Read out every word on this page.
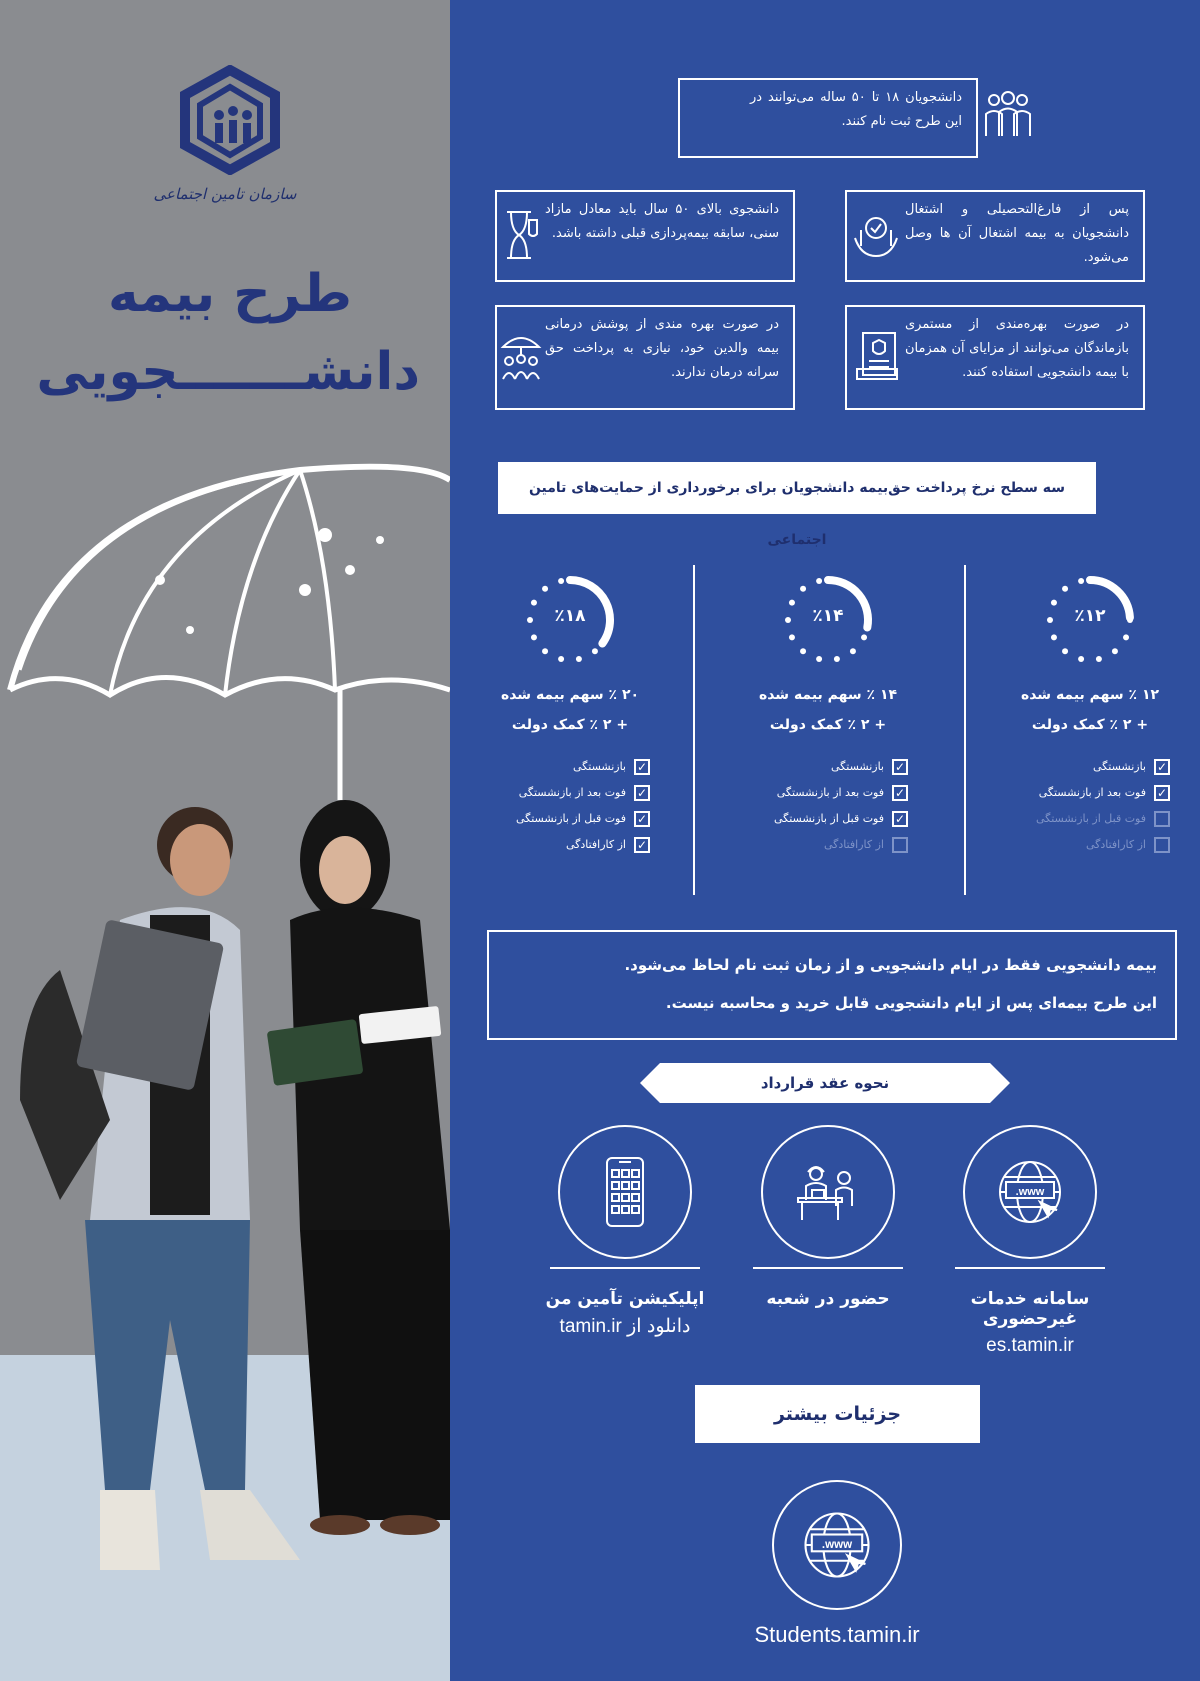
سازمان تامین اجتماعی
طرح بیمه
دانشـــــــجویی
دانشجویان ۱۸ تا ۵۰ ساله می‌توانند در این طرح ثبت نام کنند.
پس از فارغ‌التحصیلی و اشتغال دانشجویان به بیمه اشتغال آن ها وصل می‌شود.
دانشجوی بالای ۵۰ سال باید معادل مازاد سنی، سابقه بیمه‌پردازی قبلی داشته باشد.
در صورت بهره‌مندی از مستمری بازماندگان می‌توانند از مزایای آن همزمان با بیمه دانشجویی استفاده کنند.
در صورت بهره مندی از پوشش درمانی بیمه والدین خود، نیازی به پرداخت حق سرانه درمان ندارند.
سه سطح نرخ پرداخت حق‌بیمه دانشجویان برای برخورداری از حمایت‌های تامین اجتماعی
٪۱۲
۱۲ ٪ سهم بیمه شده
+ ۲ ٪ کمک دولت
✓
بازنشستگی
✓
فوت بعد از بازنشستگی
فوت قبل از بازنشستگی
از کارافتادگی
٪۱۴
۱۴ ٪ سهم بیمه شده
+ ۲ ٪ کمک دولت
✓
بازنشستگی
✓
فوت بعد از بازنشستگی
✓
فوت قبل از بازنشستگی
از کارافتادگی
٪۱۸
۲۰ ٪ سهم بیمه شده
+ ۲ ٪ کمک دولت
✓
بازنشستگی
✓
فوت بعد از بازنشستگی
✓
فوت قبل از بازنشستگی
✓
از کارافتادگی
بیمه دانشجویی فقط در ایام دانشجویی و از زمان ثبت نام لحاظ می‌شود.
این طرح بیمه‌ای پس از ایام دانشجویی قابل خرید و محاسبه نیست.
نحوه عقد قرارداد
www.
سامانه خدمات غیرحضوری
es.tamin.ir
حضور در شعبه
اپلیکیشن تآمین من
دانلود از tamin.ir
جزئیات بیشتر
www.
Students.tamin.ir
